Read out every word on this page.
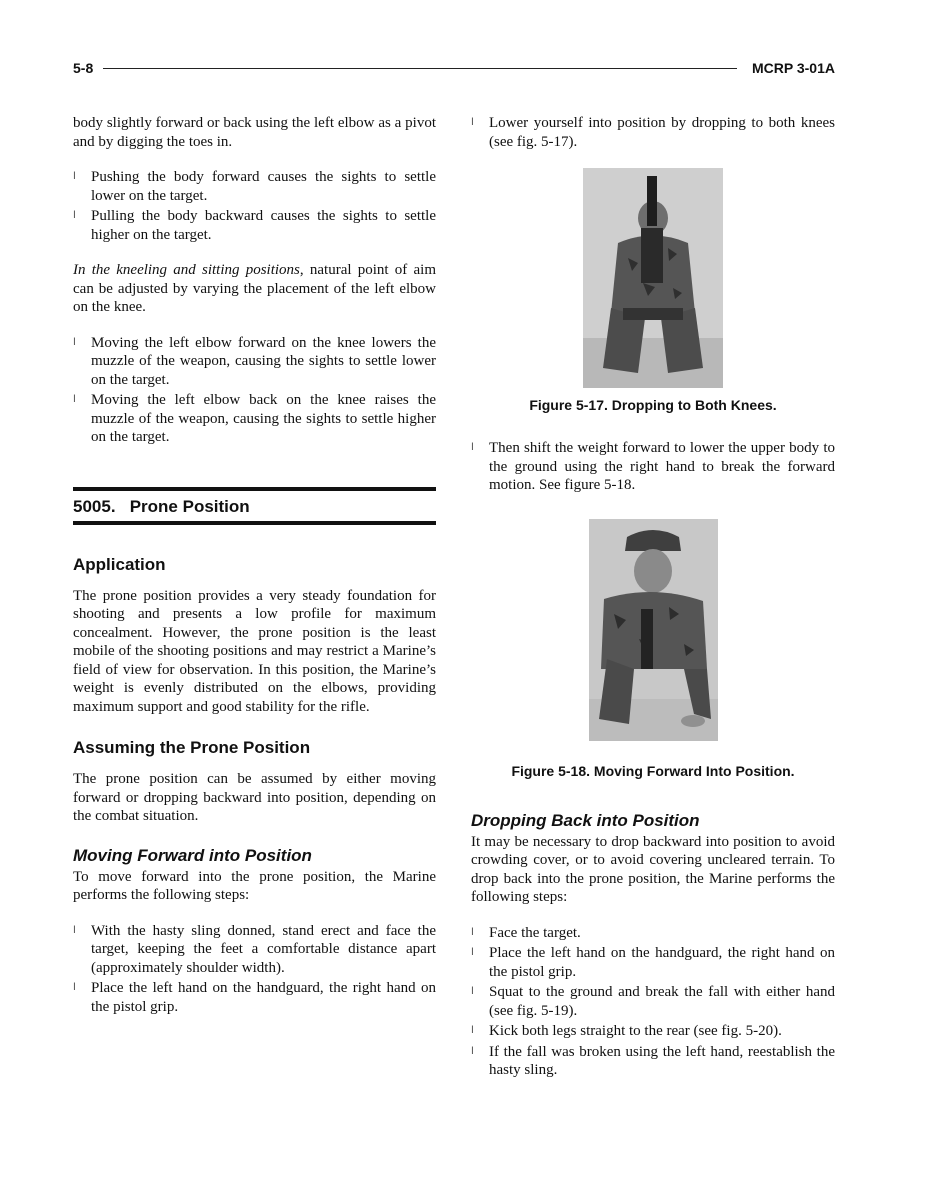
5-8	MCRP 3-01A

body slightly forward or back using the left elbow as a pivot and by digging the toes in.

l Pushing the body forward causes the sights to settle lower on the target.
l Pulling the body backward causes the sights to settle higher on the target.

In the kneeling and sitting positions, natural point of aim can be adjusted by varying the placement of the left elbow on the knee.

l Moving the left elbow forward on the knee lowers the muzzle of the weapon, causing the sights to settle lower on the target.
l Moving the left elbow back on the knee raises the muzzle of the weapon, causing the sights to settle higher on the target.
5005.   Prone Position
Application

The prone position provides a very steady foundation for shooting and presents a low profile for maximum concealment. However, the prone position is the least mobile of the shooting positions and may restrict a Marine’s field of view for observation. In this position, the Marine’s weight is evenly distributed on the elbows, providing maximum support and good stability for the rifle.

Assuming the Prone Position

The prone position can be assumed by either moving forward or dropping backward into position, depending on the combat situation.

Moving Forward into Position

To move forward into the prone position, the Marine performs the following steps:

l With the hasty sling donned, stand erect and face the target, keeping the feet a comfortable distance apart (approximately shoulder width).
l Place the left hand on the handguard, the right hand on the pistol grip.
l Lower yourself into position by dropping to both knees (see fig. 5-17).
Figure 5-17. Dropping to Both Knees.
l Then shift the weight forward to lower the upper body to the ground using the right hand to break the forward motion. See figure 5-18.
Figure 5-18. Moving Forward Into Position.
Dropping Back into Position

It may be necessary to drop backward into position to avoid crowding cover, or to avoid covering uncleared terrain. To drop back into the prone position, the Marine performs the following steps:

l Face the target.
l Place the left hand on the handguard, the right hand on the pistol grip.
l Squat to the ground and break the fall with either hand (see fig. 5-19).
l Kick both legs straight to the rear (see fig. 5-20).
l If the fall was broken using the left hand, reestablish the hasty sling.
